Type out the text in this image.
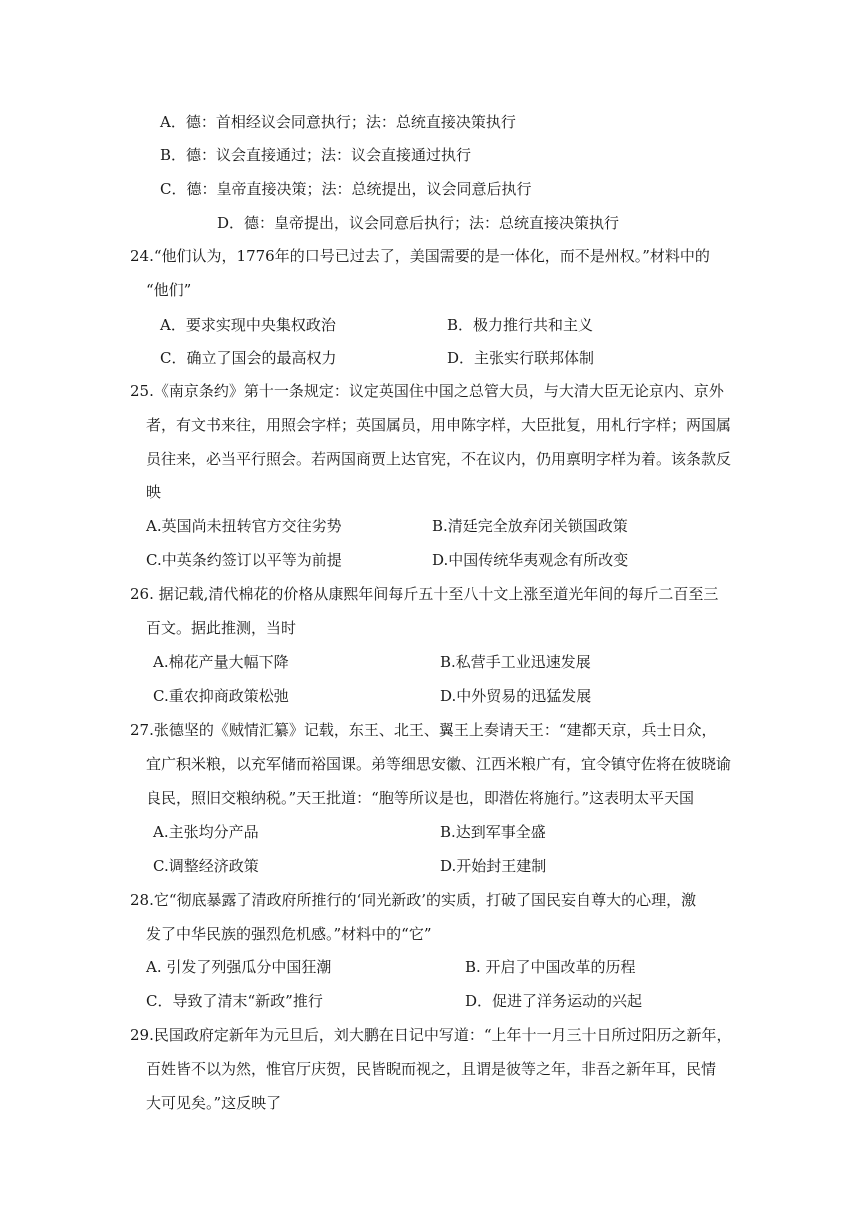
A．德：首相经议会同意执行；法：总统直接决策执行
B．德：议会直接通过；法：议会直接通过执行
C．德：皇帝直接决策；法：总统提出，议会同意后执行
D．德：皇帝提出，议会同意后执行；法：总统直接决策执行
24.“他们认为，1776年的口号已过去了，美国需要的是一体化，而不是州权。”材料中的
“他们”
A．要求实现中央集权政治	B．极力推行共和主义
C．确立了国会的最高权力	D．主张实行联邦体制
25.《南京条约》第十一条规定：议定英国住中国之总管大员，与大清大臣无论京内、京外
者，有文书来往，用照会字样；英国属员，用申陈字样，大臣批复，用札行字样；两国属
员往来，必当平行照会。若两国商贾上达官宪，不在议内，仍用禀明字样为着。该条款反
映
A.英国尚未扭转官方交往劣势	B.清廷完全放弃闭关锁国政策
C.中英条约签订以平等为前提	D.中国传统华夷观念有所改变
26. 据记载,清代棉花的价格从康熙年间每斤五十至八十文上涨至道光年间的每斤二百至三
百文。据此推测，当时
A.棉花产量大幅下降	B.私营手工业迅速发展
C.重农抑商政策松弛	D.中外贸易的迅猛发展
27.张德坚的《贼情汇纂》记载，东王、北王、翼王上奏请天王：“建都天京，兵士日众，
宜广积米粮，以充军储而裕国课。弟等细思安徽、江西米粮广有，宜令镇守佐将在彼晓谕
良民，照旧交粮纳税。”天王批道：“胞等所议是也，即潜佐将施行。”这表明太平天国
A.主张均分产品	B.达到军事全盛
C.调整经济政策	D.开始封王建制
28.它“彻底暴露了清政府所推行的‘同光新政’的实质，打破了国民妄自尊大的心理，激
发了中华民族的强烈危机感。”材料中的“它”
A. 引发了列强瓜分中国狂潮	B. 开启了中国改革的历程
C．导致了清末“新政”推行	D．促进了洋务运动的兴起
29.民国政府定新年为元旦后，刘大鹏在日记中写道：“上年十一月三十日所过阳历之新年，
百姓皆不以为然，惟官厅庆贺，民皆睨而视之，且谓是彼等之年，非吾之新年耳，民情
大可见矣。”这反映了
